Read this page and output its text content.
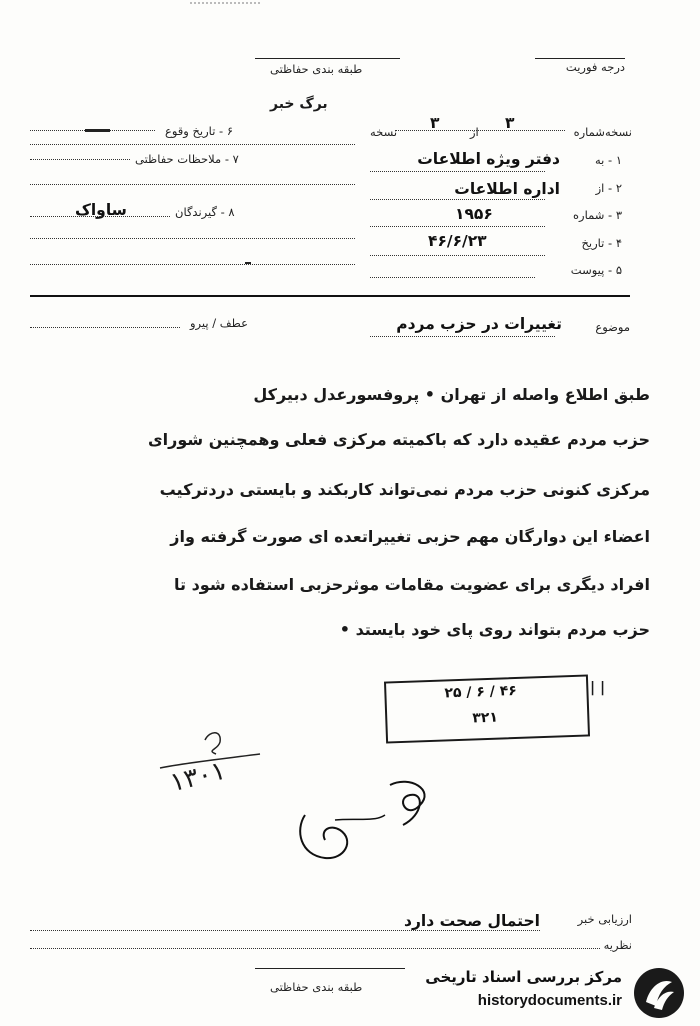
درجه فوریت
طبقه بندی حفاظتی
برگ خبر
نسخه‌شماره
۳
از
۳
نسخه
۱ - به
دفتر ویژه اطلاعات
۲ - از
اداره اطلاعات
۳ - شماره
۱۹۵۶
۴ - تاریخ
۴۶/۶/۲۳
۵ - پیوست
۶ - تاریخ وقوع
۷ - ملاحظات حفاظتی
ساواک	۸ - گیرندگان
موضوع
تغییرات در حزب مردم
عطف / پیرو
طبق اطلاع واصله از تهران • پروفسورعدل دبیرکل
حزب مردم عقیده دارد که باکمیته مرکزی فعلی وهمچنین شورای
مرکزی کنونی حزب مردم نمی‌تواند کاربکند و بایستی دردترکیب
اعضاء این دوارگان مهم حزبی تغییراتعده ای صورت گرفته واز
افراد دیگری برای عضویت مقامات موثرحزبی استفاده شود تا
حزب مردم بتواند روی پای خود بایستد •
۲۵ / ۶ / ۴۶
۳۲۱
| |
۱۳۰۱
ارزیابی خبر
احتمال صحت دارد
نظریه
طبقه بندی حفاظتی
مرکز بررسی اسناد تاریخی
historydocuments.ir
